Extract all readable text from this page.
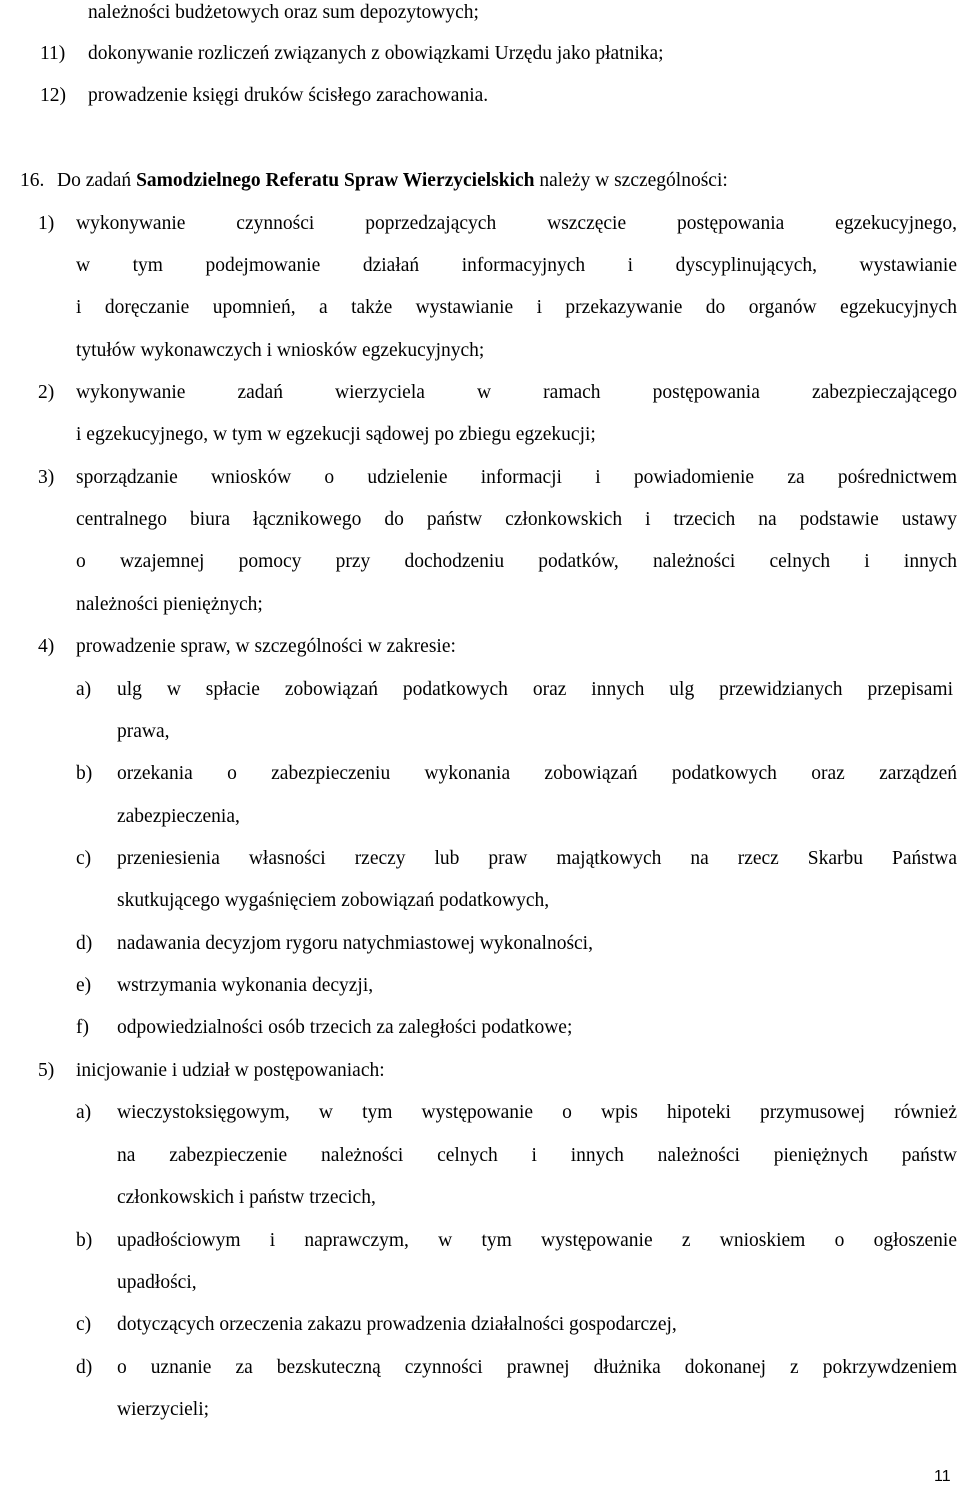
należności budżetowych oraz sum depozytowych;
11) dokonywanie rozliczeń związanych z obowiązkami Urzędu jako płatnika;
12) prowadzenie księgi druków ścisłego zarachowania.
16. Do zadań Samodzielnego Referatu Spraw Wierzycielskich należy w szczególności:
1) wykonywanie czynności poprzedzających wszczęcie postępowania egzekucyjnego,
w tym podejmowanie działań informacyjnych i dyscyplinujących, wystawianie
i doręczanie upomnień, a także wystawianie i przekazywanie do organów egzekucyjnych
tytułów wykonawczych i wniosków egzekucyjnych;
2) wykonywanie zadań wierzyciela w ramach postępowania zabezpieczającego
i egzekucyjnego, w tym w egzekucji sądowej po zbiegu egzekucji;
3) sporządzanie wniosków o udzielenie informacji i powiadomienie za pośrednictwem
centralnego biura łącznikowego do państw członkowskich i trzecich na podstawie ustawy
o wzajemnej pomocy przy dochodzeniu podatków, należności celnych i innych
należności pieniężnych;
4) prowadzenie spraw, w szczególności w zakresie:
a) ulg w spłacie zobowiązań podatkowych oraz innych ulg przewidzianych przepisami
prawa,
b) orzekania o zabezpieczeniu wykonania zobowiązań podatkowych oraz zarządzeń
zabezpieczenia,
c) przeniesienia własności rzeczy lub praw majątkowych na rzecz Skarbu Państwa
skutkującego wygaśnięciem zobowiązań podatkowych,
d) nadawania decyzjom rygoru natychmiastowej wykonalności,
e) wstrzymania wykonania decyzji,
f) odpowiedzialności osób trzecich za zaległości podatkowe;
5) inicjowanie i udział w postępowaniach:
a) wieczystoksięgowym, w tym występowanie o wpis hipoteki przymusowej również
na zabezpieczenie należności celnych i innych należności pieniężnych państw
członkowskich i państw trzecich,
b) upadłościowym i naprawczym, w tym występowanie z wnioskiem o ogłoszenie
upadłości,
c) dotyczących orzeczenia zakazu prowadzenia działalności gospodarczej,
d) o uznanie za bezskuteczną czynności prawnej dłużnika dokonanej z pokrzywdzeniem
wierzycieli;
11
